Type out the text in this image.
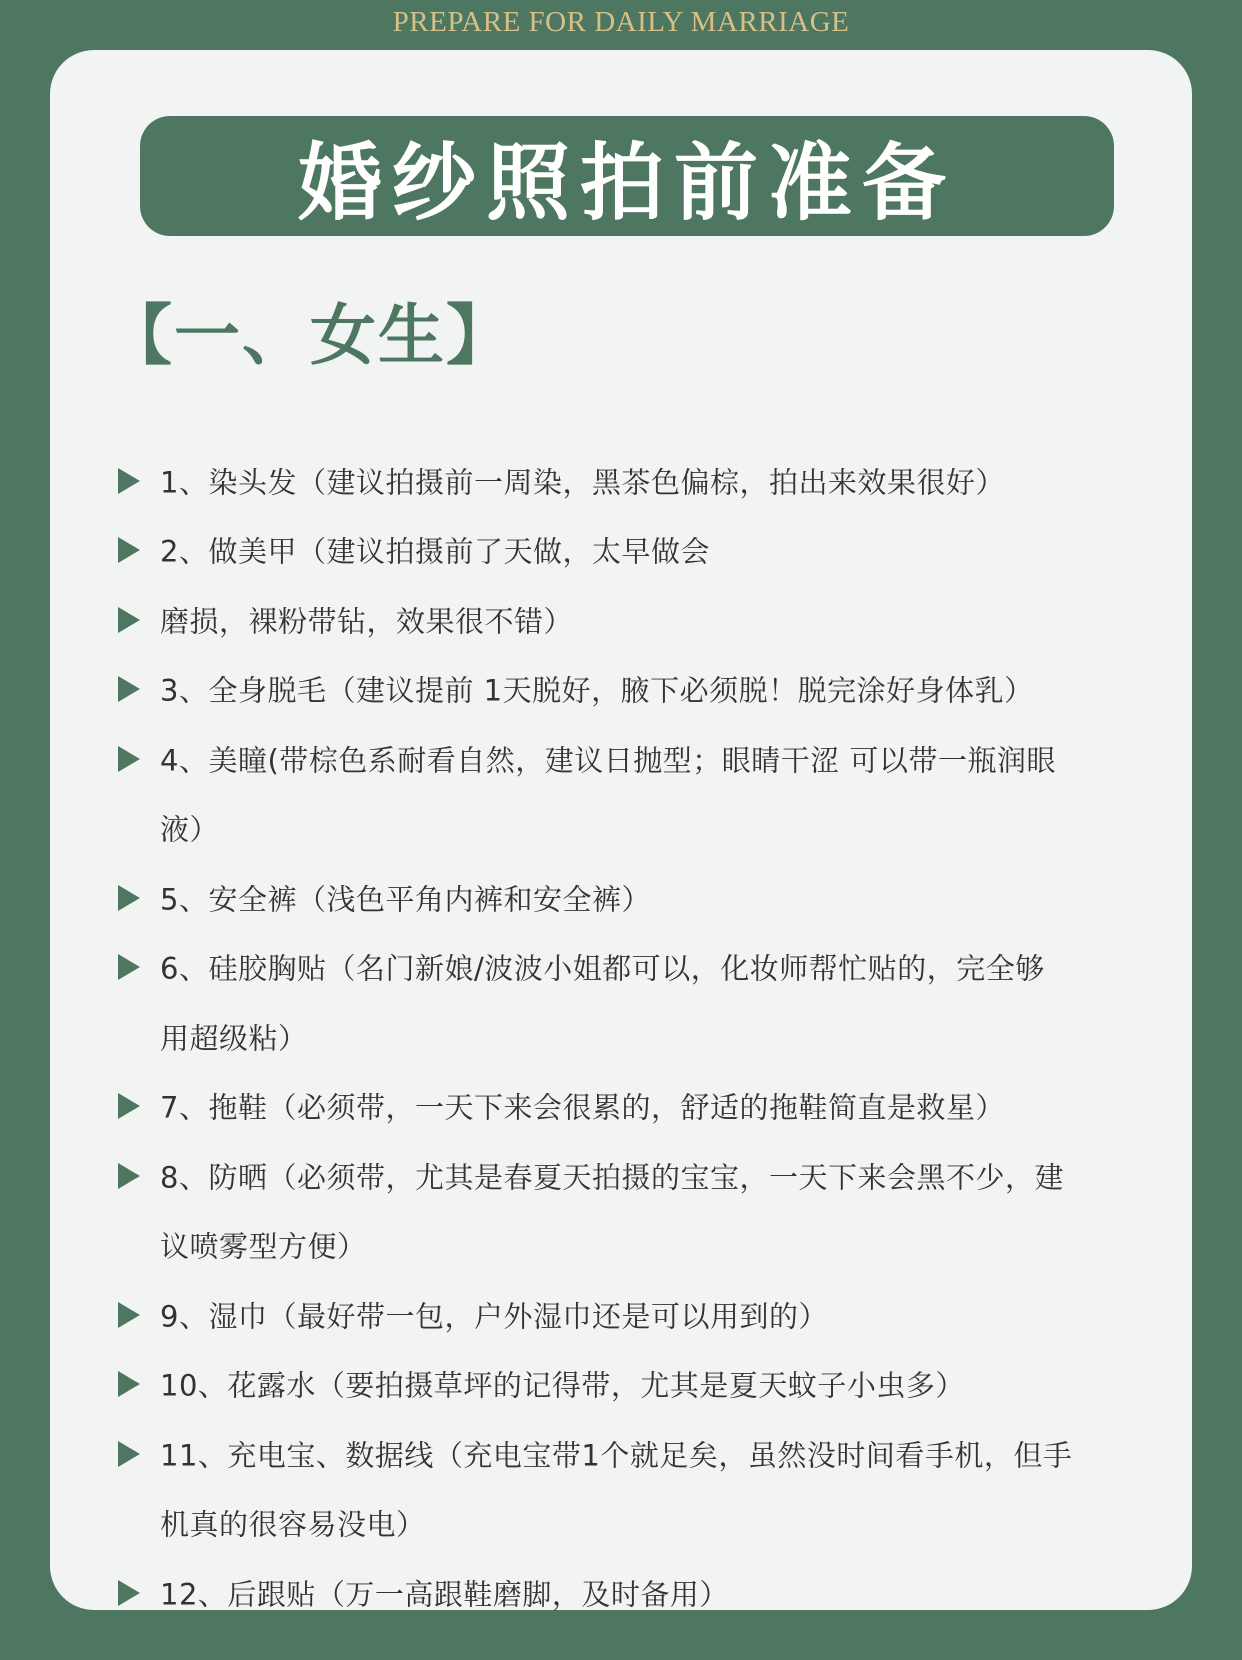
PREPARE FOR DAILY MARRIAGE
婚纱照拍前准备
【一、女生】
1、染头发（建议拍摄前一周染，黑茶色偏棕，拍出来效果很好）
2、做美甲（建议拍摄前了天做，太早做会
磨损，裸粉带钻，效果很不错）
3、全身脱毛（建议提前 1天脱好，腋下必须脱！脱完涂好身体乳）
4、美瞳(带棕色系耐看自然，建议日抛型；眼睛干涩 可以带一瓶润眼
液）
5、安全裤（浅色平角内裤和安全裤）
6、硅胶胸贴（名门新娘/波波小姐都可以，化妆师帮忙贴的，完全够
用超级粘）
7、拖鞋（必须带，一天下来会很累的，舒适的拖鞋简直是救星）
8、防晒（必须带，尤其是春夏天拍摄的宝宝，一天下来会黑不少，建
议喷雾型方便）
9、湿巾（最好带一包，户外湿巾还是可以用到的）
10、花露水（要拍摄草坪的记得带，尤其是夏天蚊子小虫多）
11、充电宝、数据线（充电宝带1个就足矣，虽然没时间看手机，但手
机真的很容易没电）
12、后跟贴（万一高跟鞋磨脚，及时备用）
